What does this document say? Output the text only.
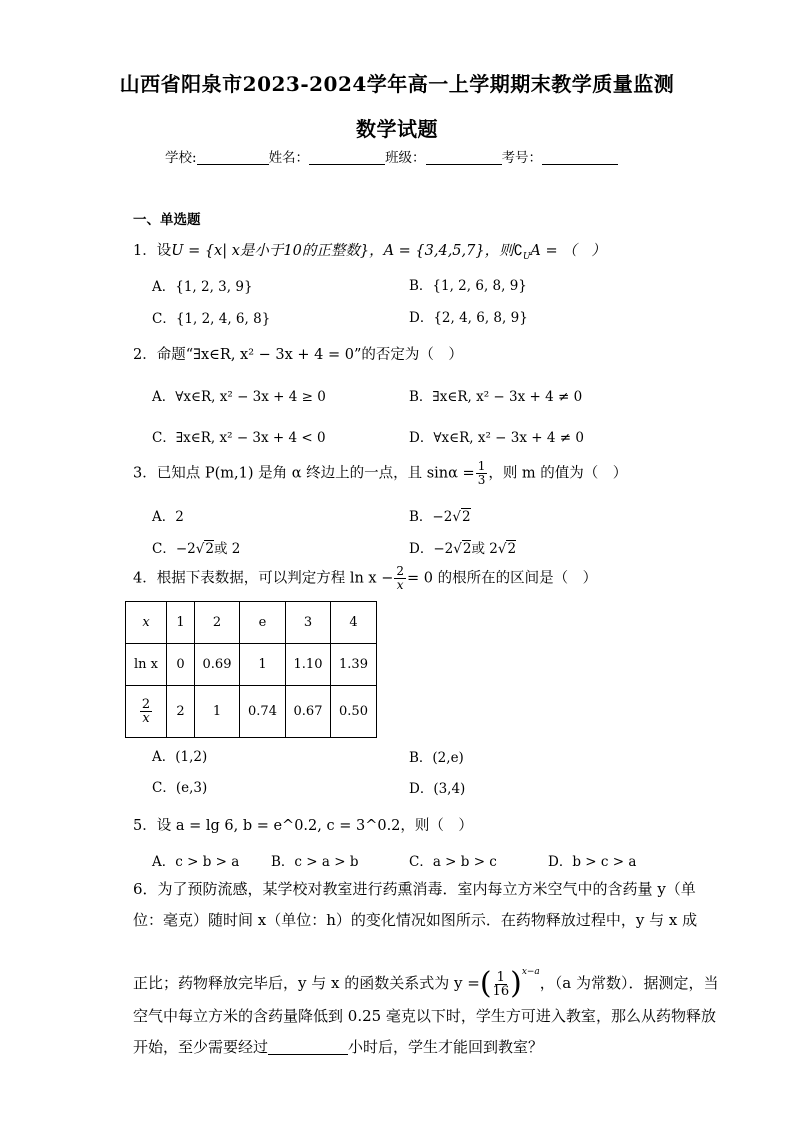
山西省阳泉市2023-2024学年高一上学期期末教学质量监测
数学试题
学校:	姓名：	班级：	考号：
一、单选题
1．设U = {x| x是小于10的正整数}，A = {3,4,5,7}，则$∁_UA$ = （　）
A．{1, 2, 3, 9}	B．{1, 2, 6, 8, 9}
C．{1, 2, 4, 6, 8}	D．{2, 4, 6, 8, 9}
2．命题“∃x∈R, x² − 3x + 4 = 0”的否定为（　）
A．∀x∈R, x² − 3x + 4 ≥ 0	B．∃x∈R, x² − 3x + 4 ≠ 0
C．∃x∈R, x² − 3x + 4 < 0	D．∀x∈R, x² − 3x + 4 ≠ 0
3．已知点 P(m,1) 是角 α 终边上的一点，且 $\sin\alpha = \frac{1}{3}$ ，则 m 的值为（　）
A．2	B．−2√2
C．−2√2或 2	D．−2√2或 2√2
4．根据下表数据，可以判定方程 $\ln x - \frac{2}{x} = 0$ 的根所在的区间是（　）
x	1	2	e	3	4
ln x	0	0.69	1	1.10	1.39

$\frac{2}{x}$	2	1	0.74	0.67	0.50
A．(1,2)	B．(2,e)
C．(e,3)	D．(3,4)
5．设 a = lg 6, b = e^0.2, c = 3^0.2，则（　）
A．c > b > a B．c > a > b	C．a > b > c	D．b > c > a
6．为了预防流感，某学校对教室进行药熏消毒．室内每立方米空气中的含药量 y（单
位：毫克）随时间 x（单位：h）的变化情况如图所示．在药物释放过程中，y 与 x 成
正比；药物释放完毕后，y 与 x 的函数关系式为 y =( $\frac{1}{16} )^{x-a}$，（a 为常数）．据测定，当
空气中每立方米的含药量降低到 0.25 毫克以下时，学生方可进入教室，那么从药物释放
开始，至少需要经过	小时后，学生才能回到教室？
